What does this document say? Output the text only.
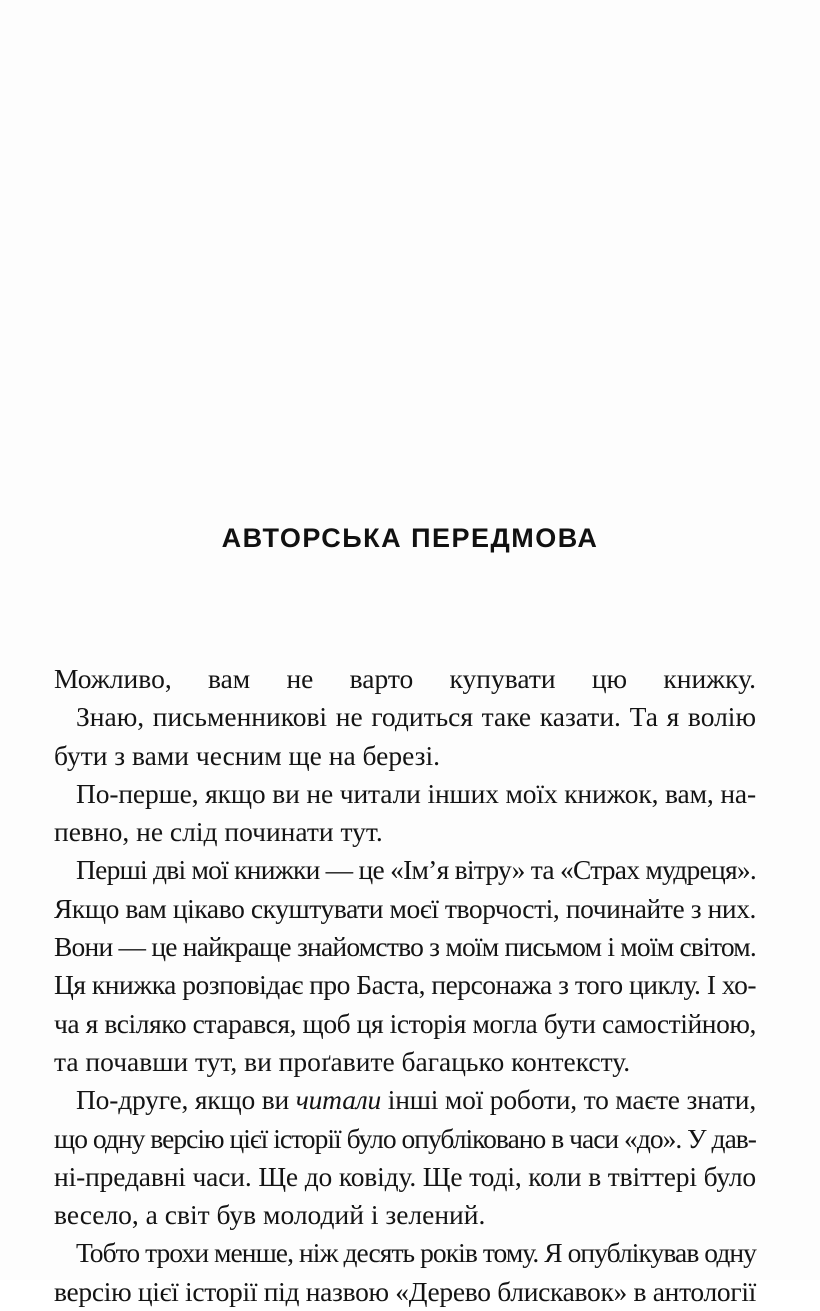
АВТОРСЬКА ПЕРЕДМОВА
Можливо, вам не варто купувати цю книжку.
Знаю, письменникові не годиться таке казати. Та я волію
бути з вами чесним ще на березі.
По-перше, якщо ви не читали інших моїх книжок, вам, на-
певно, не слід починати тут.
Перші дві мої книжки — це «Ім’я вітру» та «Страх мудреця».
Якщо вам цікаво скуштувати моєї творчості, починайте з них.
Вони — це найкраще знайомство з моїм письмом і моїм світом.
Ця книжка розповідає про Баста, персонажа з того циклу. І хо-
ча я всіляко старався, щоб ця історія могла бути самостійною,
та почавши тут, ви проґавите багацько контексту.
По-друге, якщо ви читали інші мої роботи, то маєте знати,
що одну версію цієї історії було опубліковано в часи «до». У дав-
ні-предавні часи. Ще до ковіду. Ще тоді, коли в твіттері було
весело, а світ був молодий і зелений.
Тобто трохи менше, ніж десять років тому. Я опублікував одну
версію цієї історії під назвою «Дерево блискавок» в антології
